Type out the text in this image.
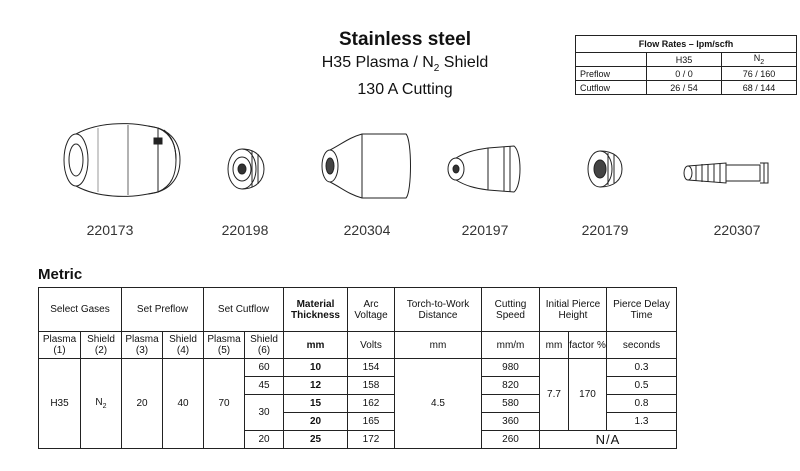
Stainless steel
H35 Plasma / $N_2$ Shield
130 A Cutting
Flow Rates – lpm/scfh		
	H35	$N_2$
Preflow	0 / 0	76 / 160
Cutflow	26 / 54	68 / 144
220173	220198	220304	220197	220179	220307
Metric
Select Gases		Set Preflow		Set Cutflow		Material Thickness	Arc Voltage	Torch-to-Work Distance	Cutting Speed	Initial Pierce Height		Pierce Delay Time
Plasma (1)	Shield (2)	Plasma (3)	Shield (4)	Plasma (5)	Shield (6)	mm	Volts	mm	mm/m	mm	factor %	seconds
H35	$N_2$	20	40	70	60	10	154	4.5	980	7.7	170	0.3
					45	12	158		820			0.5
					30	15	162		580			0.8
						20	165		360			1.3
					20	25	172		260	N/A		
